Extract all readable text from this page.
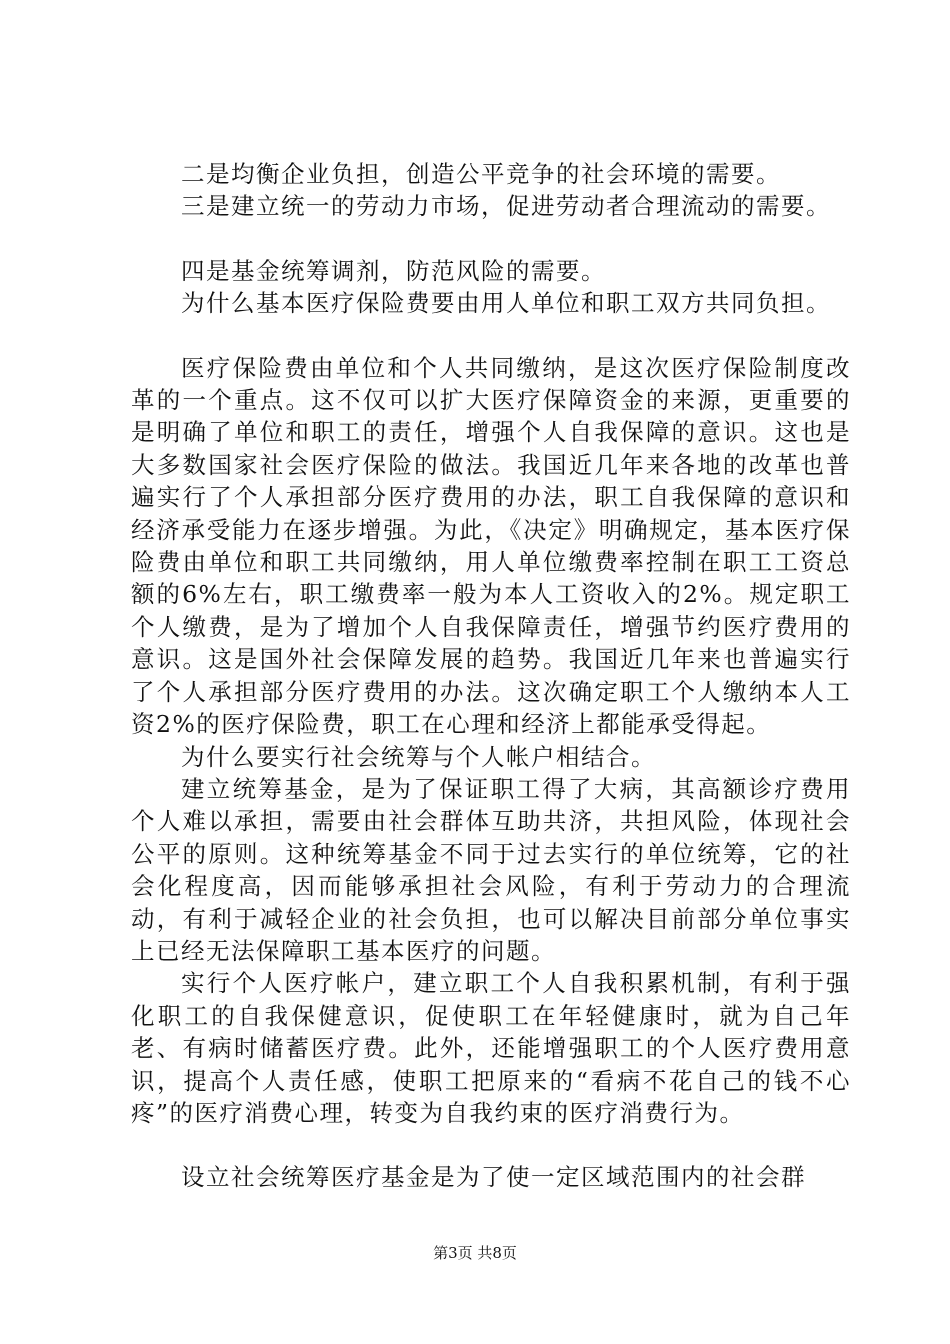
二是均衡企业负担，创造公平竞争的社会环境的需要。

三是建立统一的劳动力市场，促进劳动者合理流动的需要。

四是基金统筹调剂，防范风险的需要。

为什么基本医疗保险费要由用人单位和职工双方共同负担。

医疗保险费由单位和个人共同缴纳，是这次医疗保险制度改革的一个重点。这不仅可以扩大医疗保障资金的来源，更重要的是明确了单位和职工的责任，增强个人自我保障的意识。这也是大多数国家社会医疗保险的做法。我国近几年来各地的改革也普遍实行了个人承担部分医疗费用的办法，职工自我保障的意识和经济承受能力在逐步增强。为此，《决定》明确规定，基本医疗保险费由单位和职工共同缴纳，用人单位缴费率控制在职工工资总额的6%左右，职工缴费率一般为本人工资收入的2%。规定职工个人缴费，是为了增加个人自我保障责任，增强节约医疗费用的意识。这是国外社会保障发展的趋势。我国近几年来也普遍实行了个人承担部分医疗费用的办法。这次确定职工个人缴纳本人工资2%的医疗保险费，职工在心理和经济上都能承受得起。

为什么要实行社会统筹与个人帐户相结合。

建立统筹基金，是为了保证职工得了大病，其高额诊疗费用个人难以承担，需要由社会群体互助共济，共担风险，体现社会公平的原则。这种统筹基金不同于过去实行的单位统筹，它的社会化程度高，因而能够承担社会风险，有利于劳动力的合理流动，有利于减轻企业的社会负担，也可以解决目前部分单位事实上已经无法保障职工基本医疗的问题。

实行个人医疗帐户，建立职工个人自我积累机制，有利于强化职工的自我保健意识，促使职工在年轻健康时，就为自己年老、有病时储蓄医疗费。此外，还能增强职工的个人医疗费用意识，提高个人责任感，使职工把原来的“看病不花自己的钱不心疼”的医疗消费心理，转变为自我约束的医疗消费行为。

设立社会统筹医疗基金是为了使一定区域范围内的社会群

第3页 共8页
